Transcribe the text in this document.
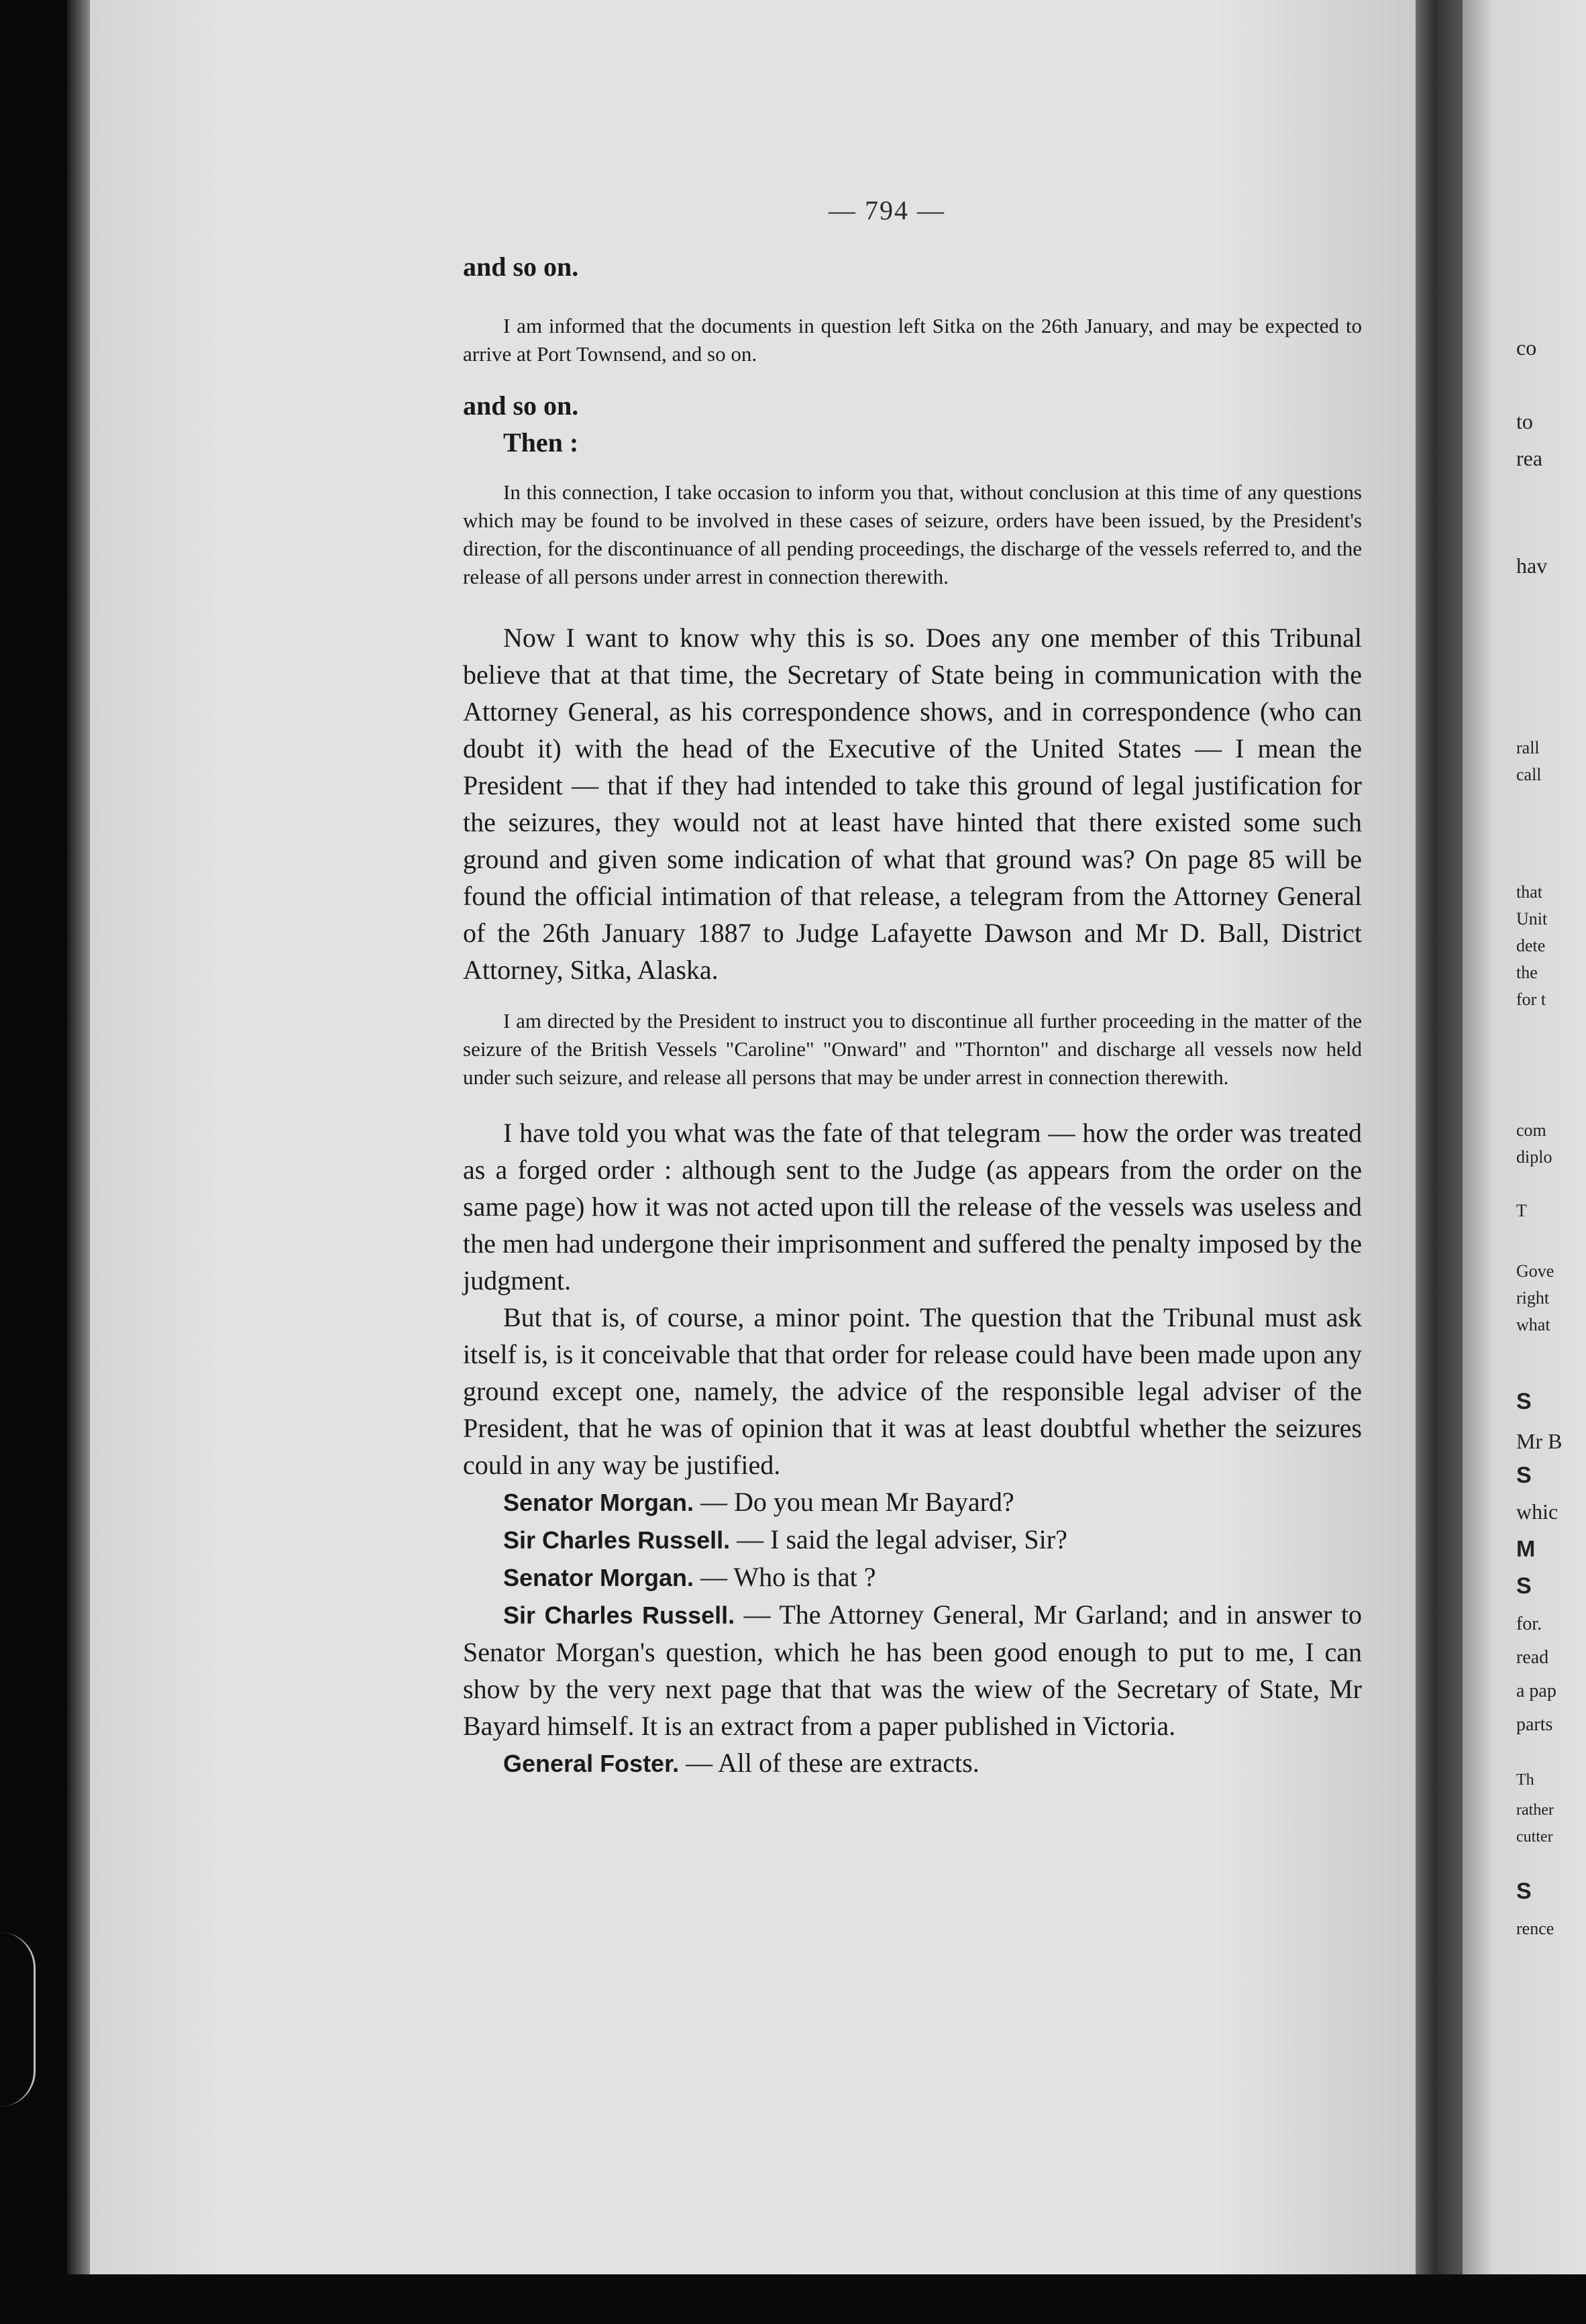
— 794 —

and so on.

I am informed that the documents in question left Sitka on the 26th January, and may be expected to arrive at Port Townsend, and so on.

and so on.

Then :

In this connection, I take occasion to inform you that, without conclusion at this time of any questions which may be found to be involved in these cases of seizure, orders have been issued, by the President's direction, for the discontinuance of all pending proceedings, the discharge of the vessels referred to, and the release of all persons under arrest in connection therewith.

Now I want to know why this is so. Does any one member of this Tribunal believe that at that time, the Secretary of State being in communication with the Attorney General, as his correspondence shows, and in correspondence (who can doubt it) with the head of the Executive of the United States — I mean the President — that if they had intended to take this ground of legal justification for the seizures, they would not at least have hinted that there existed some such ground and given some indication of what that ground was? On page 85 will be found the official intimation of that release, a telegram from the Attorney General of the 26th January 1887 to Judge Lafayette Dawson and Mr D. Ball, District Attorney, Sitka, Alaska.

I am directed by the President to instruct you to discontinue all further proceeding in the matter of the seizure of the British Vessels "Caroline" "Onward" and "Thornton" and discharge all vessels now held under such seizure, and release all persons that may be under arrest in connection therewith.

I have told you what was the fate of that telegram — how the order was treated as a forged order : although sent to the Judge (as appears from the order on the same page) how it was not acted upon till the release of the vessels was useless and the men had undergone their imprisonment and suffered the penalty imposed by the judgment.

But that is, of course, a minor point. The question that the Tribunal must ask itself is, is it conceivable that that order for release could have been made upon any ground except one, namely, the advice of the responsible legal adviser of the President, that he was of opinion that it was at least doubtful whether the seizures could in any way be justified.

Senator Morgan. — Do you mean Mr Bayard?

Sir Charles Russell. — I said the legal adviser, Sir?

Senator Morgan. — Who is that ?

Sir Charles Russell. — The Attorney General, Mr Garland; and in answer to Senator Morgan's question, which he has been good enough to put to me, I can show by the very next page that that was the wiew of the Secretary of State, Mr Bayard himself. It is an extract from a paper published in Victoria.

General Foster. — All of these are extracts.

co
to
rea
hav
rall
call
that
Unit
dete
the
for t
com
diplo
T
Gove
right
what
S
Mr B
S
whic
M
S
for.
read
a pap
parts
Th
rather
cutter
S
rence
